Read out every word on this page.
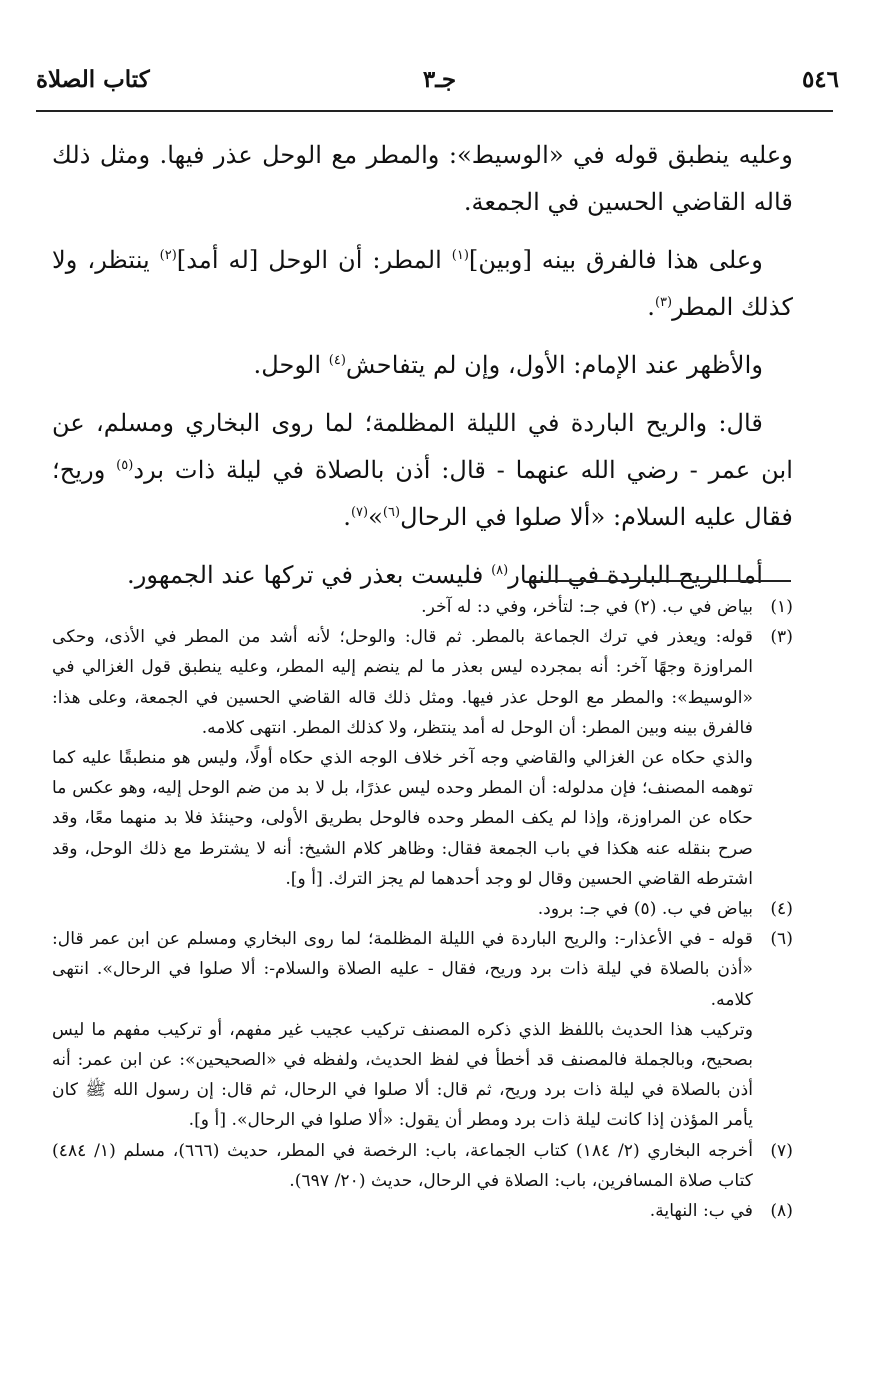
٥٤٦
جـ٣
كتاب الصلاة

وعليه ينطبق قوله في «الوسيط»: والمطر مع الوحل عذر فيها. ومثل ذلك قاله القاضي الحسين في الجمعة.

وعلى هذا فالفرق بينه [وبين]$^{(١)}$ المطر: أن الوحل [له أمد]$^{(٢)}$ ينتظر، ولا كذلك المطر$^{(٣)}$.

والأظهر عند الإمام: الأول، وإن لم يتفاحش$^{(٤)}$ الوحل.

قال: والريح الباردة في الليلة المظلمة؛ لما روى البخاري ومسلم، عن ابن عمر - رضي الله عنهما - قال: أذن بالصلاة في ليلة ذات برد$^{(٥)}$ وريح؛ فقال عليه السلام: «ألا صلوا في الرحال$^{(٦)}$»$^{(٧)}$.

أما الريح الباردة في النهار$^{(٨)}$ فليست بعذر في تركها عند الجمهور.

(١)

بياض في ب. (٢) في جـ: لتأخر، وفي د: له آخر.

(٣)

قوله: ويعذر في ترك الجماعة بالمطر. ثم قال: والوحل؛ لأنه أشد من المطر في الأذى، وحكى المراوزة وجهًا آخر: أنه بمجرده ليس بعذر ما لم ينضم إليه المطر، وعليه ينطبق قول الغزالي في «الوسيط»: والمطر مع الوحل عذر فيها. ومثل ذلك قاله القاضي الحسين في الجمعة، وعلى هذا: فالفرق بينه وبين المطر: أن الوحل له أمد ينتظر، ولا كذلك المطر. انتهى كلامه.

والذي حكاه عن الغزالي والقاضي وجه آخر خلاف الوجه الذي حكاه أولًا، وليس هو منطبقًا عليه كما توهمه المصنف؛ فإن مدلوله: أن المطر وحده ليس عذرًا، بل لا بد من ضم الوحل إليه، وهو عكس ما حكاه عن المراوزة، وإذا لم يكف المطر وحده فالوحل بطريق الأولى، وحينئذ فلا بد منهما معًا، وقد صرح بنقله عنه هكذا في باب الجمعة فقال: وظاهر كلام الشيخ: أنه لا يشترط مع ذلك الوحل، وقد اشترطه القاضي الحسين وقال لو وجد أحدهما لم يجز الترك. [أ و].

(٤)

بياض في ب. (٥) في جـ: برود.

(٦)

قوله - في الأعذار-: والريح الباردة في الليلة المظلمة؛ لما روى البخاري ومسلم عن ابن عمر قال: «أذن بالصلاة في ليلة ذات برد وريح، فقال - عليه الصلاة والسلام-: ألا صلوا في الرحال». انتهى كلامه.

وتركيب هذا الحديث باللفظ الذي ذكره المصنف تركيب عجيب غير مفهم، أو تركيب مفهم ما ليس بصحيح، وبالجملة فالمصنف قد أخطأ في لفظ الحديث، ولفظه في «الصحيحين»: عن ابن عمر: أنه أذن بالصلاة في ليلة ذات برد وريح، ثم قال: ألا صلوا في الرحال، ثم قال: إن رسول الله ﷺ كان يأمر المؤذن إذا كانت ليلة ذات برد ومطر أن يقول: «ألا صلوا في الرحال». [أ و].

(٧)

أخرجه البخاري (٢/ ١٨٤) كتاب الجماعة، باب: الرخصة في المطر، حديث (٦٦٦)، مسلم (١/ ٤٨٤) كتاب صلاة المسافرين، باب: الصلاة في الرحال، حديث (٢٠/ ٦٩٧).

(٨)

في ب: النهاية.
